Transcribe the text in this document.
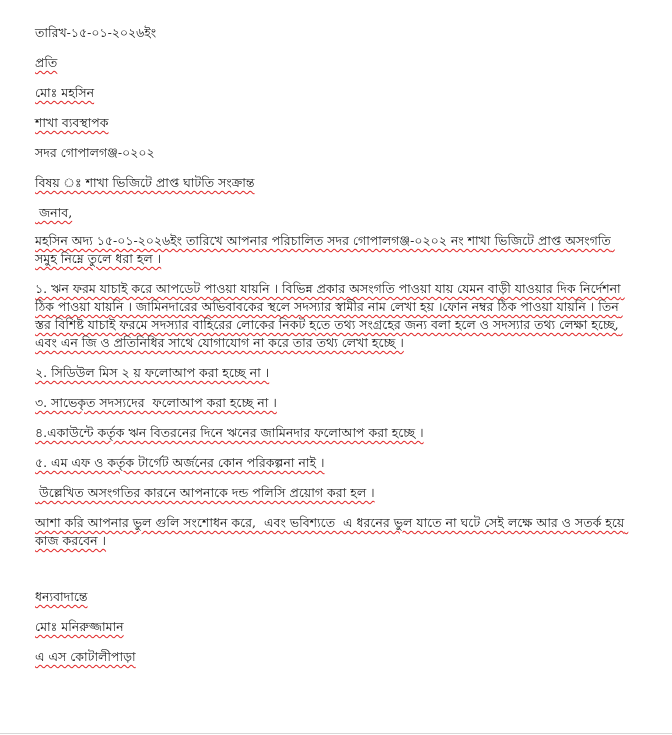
তারিখ-১৫-০১-২০২৬ইং

প্রতি

মোঃ মহসিন

শাখা ব্যবস্থাপক

সদর গোপালগঞ্জ-০২০২

বিষয় ঃ শাখা ভিজিটে প্রাপ্ত ঘাটতি সংক্রান্ত

জনাব,

মহসিন অদ্য ১৫-০১-২০২৬ইং তারিখে আপনার পরিচালিত সদর গোপালগঞ্জ-০২০২ নং শাখা ভিজিটে প্রাপ্ত অসংগতি সমুহ নিম্নে তুলে ধরা হল ।

১. ঋন ফরম যাচাই করে আপডেট পাওয়া যায়নি । বিভিন্ন প্রকার অসংগতি পাওয়া যায় যেমন বাড়ী যাওয়ার দিক নির্দেশনা ঠিক পাওয়া যায়নি । জামিনদারের অভিবাবকের স্থলে সদস্যার স্বামীর নাম লেখা হয় ।ফোন নম্বর ঠিক পাওয়া যায়নি । তিন স্তর বিশিষ্ট যাচাই ফরমে সদস্যার বাহিরের লোকের নিকট হতে তথ্য সংগ্রহের জন্য বলা হলে ও সদস্যার তথ্য লেক্ষা হচ্ছে, এবং এন জি ও প্রতিনিধির সাথে যোগাযোগ না করে তার তথ্য লেখা হচ্ছে ।

২. সিডিউল মিস ২ য় ফলোআপ করা হচ্ছে না ।

৩. সাভেকৃত সদস্যদের  ফলোআপ করা হচ্ছে না ।

৪.একাউন্টে কর্তৃক ঋন বিতরনের দিনে ঋনের জামিনদার ফলোআপ করা হচ্ছে ।

৫. এম এফ ও কর্তৃক টার্গেট অর্জনের কোন পরিকল্পনা নাই ।

উল্লেখিত অসংগতির কারনে আপনাকে দন্ড পলিসি প্রয়োগ করা হল ।

আশা করি আপনার ভুল গুলি সংশোধন করে,  এবং ভবিশ্যতে  এ ধরনের ভুল যাতে না ঘটে সেই লক্ষে আর ও সতর্ক হয়ে কাজ করবেন ।

ধন্যবাদান্তে

মোঃ মনিরুজ্জামান

এ এস কোটালীপাড়া
